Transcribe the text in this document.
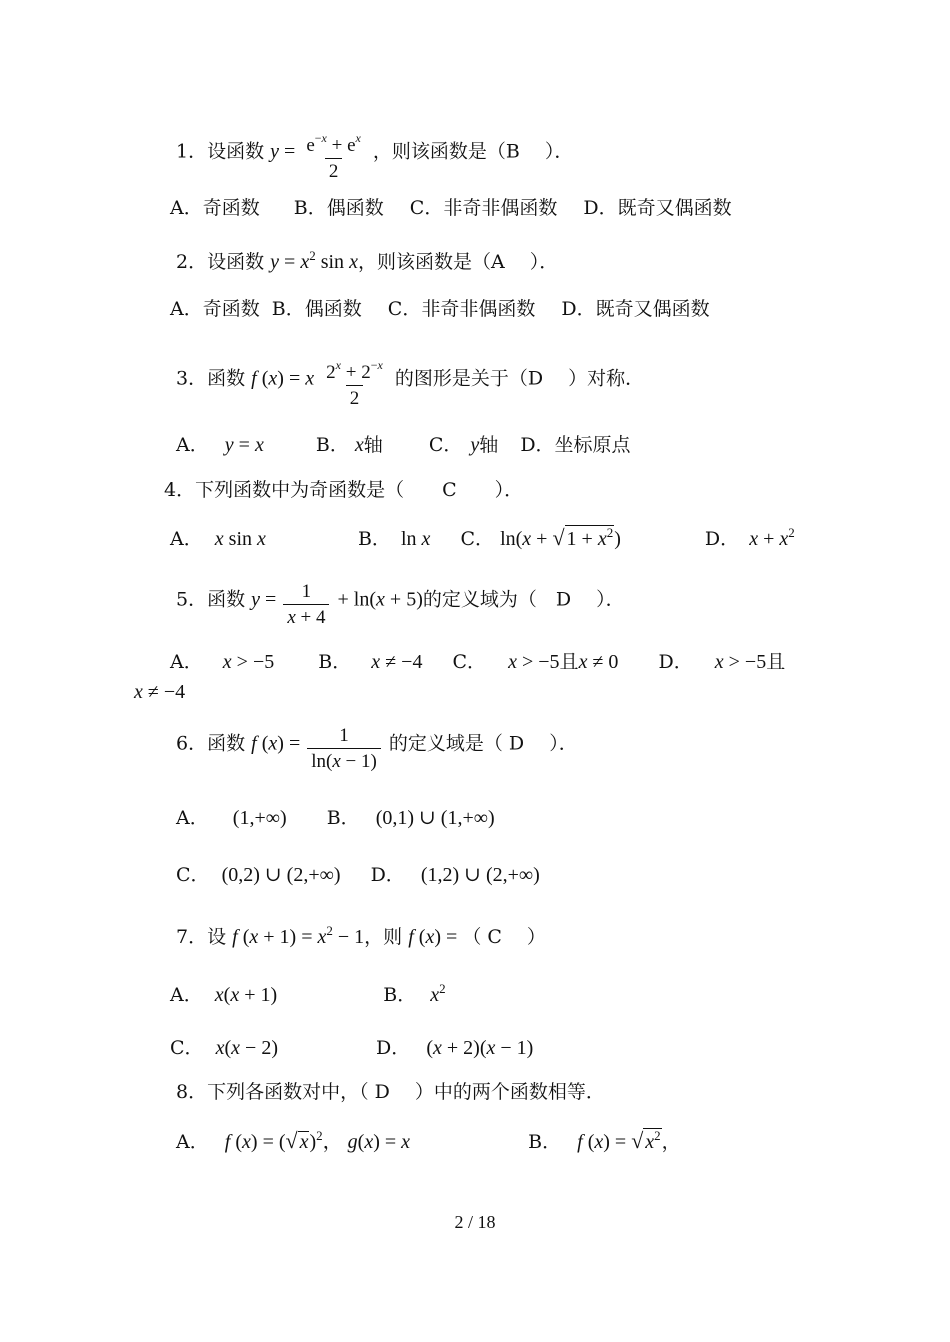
1．设函数 $y = \frac{e^{-x} + e^x}{2}$ ，则该函数是（B　 ）．
A．奇函数 B．偶函数 C．非奇非偶函数 D．既奇又偶函数
2．设函数 $y = x^2$ sin x，则该函数是（A　 ）．
A．奇函数 B．偶函数 C．非奇非偶函数 D．既奇又偶函数
3．函数 f (x) = x $\frac{2^x + 2^{-x}}{2}$ 的图形是关于（D　 ）对称．
A． y = x	B． x轴 C． y轴 D．坐标原点
4．下列函数中为奇函数是（　　C　　）．
A． x sin x	B． ln x C． ln(x + √ $1 + x^2$)	D． $x + x^2$
5．函数 $y = \frac{1}{x + 4} + \ln(x + 5)$的定义域为（　D　 ）．
A． x > −5 B． x ≠ −4 C． x > −5且x ≠ 0 D． x > −5且
x ≠ −4
6．函数 f $(x) = \frac{1}{\ln(x - 1)}$ 的定义域是（ D　 ）．
A． (1,+∞) B． (0,1) ∪ (1,+∞)
C． (0,2) ∪ (2,+∞) D． (1,2) ∪ (2,+∞)
7．设 f $(x + 1) = x^2 - 1$，则 f (x) = （ C　 ）
A． x(x + 1)	B． $x^2$
C． x(x − 2)	D． (x + 2)(x − 1)
8．下列各函数对中，（ D　 ）中的两个函数相等．
A． f (x) = (√ x)$^2$， g(x) = x	B． f (x) = √ $x^2$，
2 / 18
